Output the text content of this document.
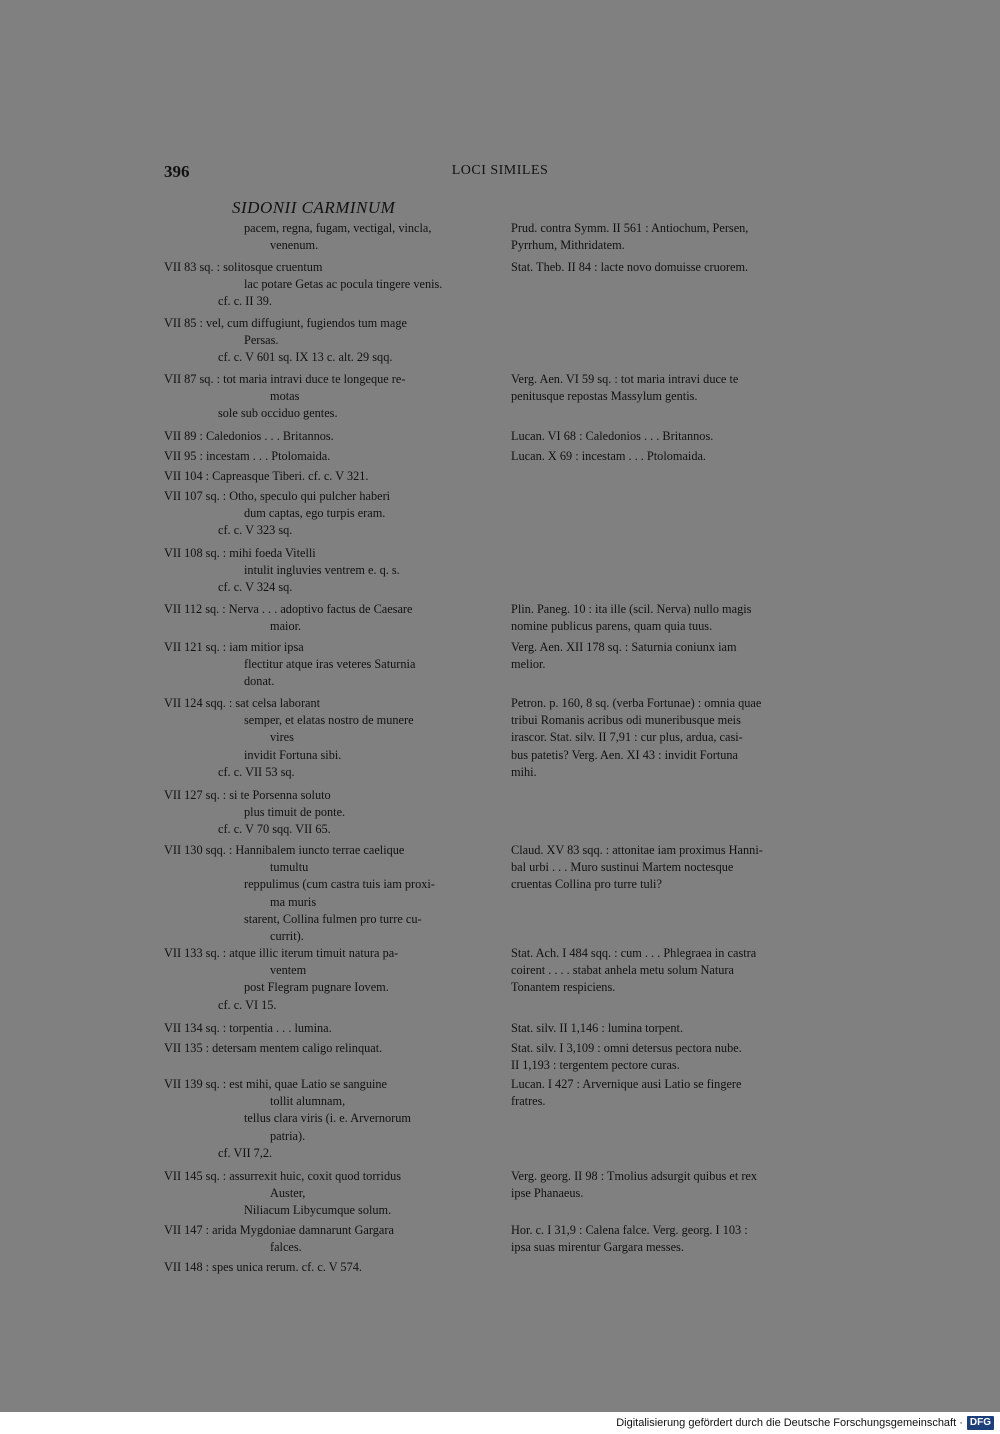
396	LOCI SIMILES
SIDONII CARMINUM
pacem, regna, fugam, vectigal, vincla,
venenum.
VII 83 sq. : solitosque cruentum
lac potare Getas ac pocula tingere venis.
cf. c. II 39.
VII 85 : vel, cum diffugiunt, fugiendos tum mage
Persas.
cf. c. V 601 sq. IX 13 c. alt. 29 sqq.
VII 87 sq. : tot maria intravi duce te longeque re-
motas
sole sub occiduo gentes.
VII 89 : Caledonios . . . Britannos.
VII 95 : incestam . . . Ptolomaida.
VII 104 : Capreasque Tiberi. cf. c. V 321.
VII 107 sq. : Otho, speculo qui pulcher haberi
dum captas, ego turpis eram.
cf. c. V 323 sq.
VII 108 sq. : mihi foeda Vitelli
intulit ingluvies ventrem e. q. s.
cf. c. V 324 sq.
VII 112 sq. : Nerva . . . adoptivo factus de Caesare
maior.
VII 121 sq. : iam mitior ipsa
flectitur atque iras veteres Saturnia
donat.
VII 124 sqq. : sat celsa laborant
semper, et elatas nostro de munere
vires
invidit Fortuna sibi.
cf. c. VII 53 sq.
VII 127 sq. : si te Porsenna soluto
plus timuit de ponte.
cf. c. V 70 sqq. VII 65.
VII 130 sqq. : Hannibalem iuncto terrae caelique
tumultu
reppulimus (cum castra tuis iam proxi-
ma muris
starent, Collina fulmen pro turre cu-
currit).
VII 133 sq. : atque illic iterum timuit natura pa-
ventem
post Flegram pugnare Iovem.
cf. c. VI 15.
VII 134 sq. : torpentia . . . lumina.
VII 135 : detersam mentem caligo relinquat.
VII 139 sq. : est mihi, quae Latio se sanguine
tollit alumnam,
tellus clara viris (i. e. Arvernorum
patria).
cf. VII 7,2.
VII 145 sq. : assurrexit huic, coxit quod torridus
Auster,
Niliacum Libycumque solum.
VII 147 : arida Mygdoniae damnarunt Gargara
falces.
VII 148 : spes unica rerum. cf. c. V 574.
Prud. contra Symm. II 561 : Antiochum, Persen,
Pyrrhum, Mithridatem.
Stat. Theb. II 84 : lacte novo domuisse cruorem.
Verg. Aen. VI 59 sq. : tot maria intravi duce te
penitusque repostas Massylum gentis.
Lucan. VI 68 : Caledonios . . . Britannos.
Lucan. X 69 : incestam . . . Ptolomaida.
Plin. Paneg. 10 : ita ille (scil. Nerva) nullo magis
nomine publicus parens, quam quia tuus.
Verg. Aen. XII 178 sq. : Saturnia coniunx iam
melior.
Petron. p. 160, 8 sq. (verba Fortunae) : omnia quae
tribui Romanis acribus odi muneribusque meis
irascor. Stat. silv. II 7,91 : cur plus, ardua, casi-
bus patetis? Verg. Aen. XI 43 : invidit Fortuna
mihi.
Claud. XV 83 sqq. : attonitae iam proximus Hanni-
bal urbi . . . Muro sustinui Martem noctesque
cruentas Collina pro turre tuli?
Stat. Ach. I 484 sqq. : cum . . . Phlegraea in castra
coirent . . . . stabat anhela metu solum Natura
Tonantem respiciens.
Stat. silv. II 1,146 : lumina torpent.
Stat. silv. I 3,109 : omni detersus pectora nube.
II 1,193 : tergentem pectore curas.
Lucan. I 427 : Arvernique ausi Latio se fingere
fratres.
Verg. georg. II 98 : Tmolius adsurgit quibus et rex
ipse Phanaeus.
Hor. c. I 31,9 : Calena falce. Verg. georg. I 103 :
ipsa suas mirentur Gargara messes.
Digitalisierung gefördert durch die Deutsche Forschungsgemeinschaft · DFG
